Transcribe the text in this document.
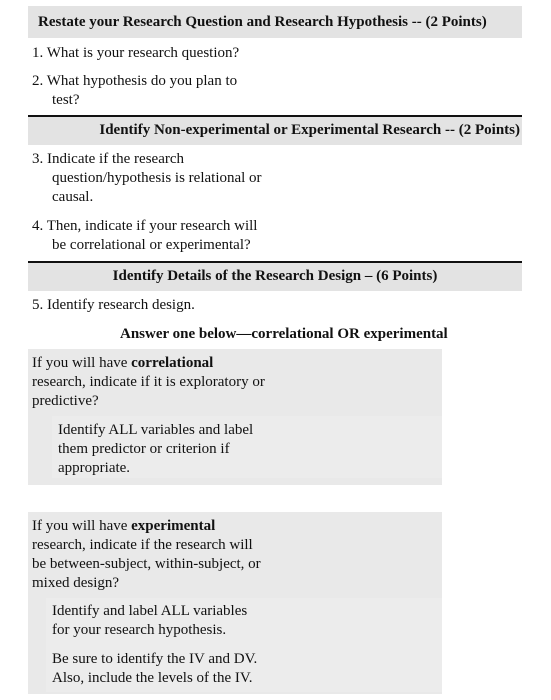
Restate your Research Question and Research Hypothesis -- (2 Points)
1. What is your research question?
2. What hypothesis do you plan to
test?
Identify Non-experimental or Experimental Research -- (2 Points)
3. Indicate if the research
question/hypothesis is relational or
causal.
4. Then, indicate if your research will
be correlational or experimental?
Identify Details of the Research Design – (6 Points)
5. Identify research design.
Answer one below—correlational OR experimental
If you will have correlational
research, indicate if it is exploratory or
predictive?
Identify ALL variables and label
them predictor or criterion if
appropriate.
If you will have experimental
research, indicate if the research will
be between-subject, within-subject, or
mixed design?
Identify and label ALL variables
for your research hypothesis.
Be sure to identify the IV and DV.
Also, include the levels of the IV.
